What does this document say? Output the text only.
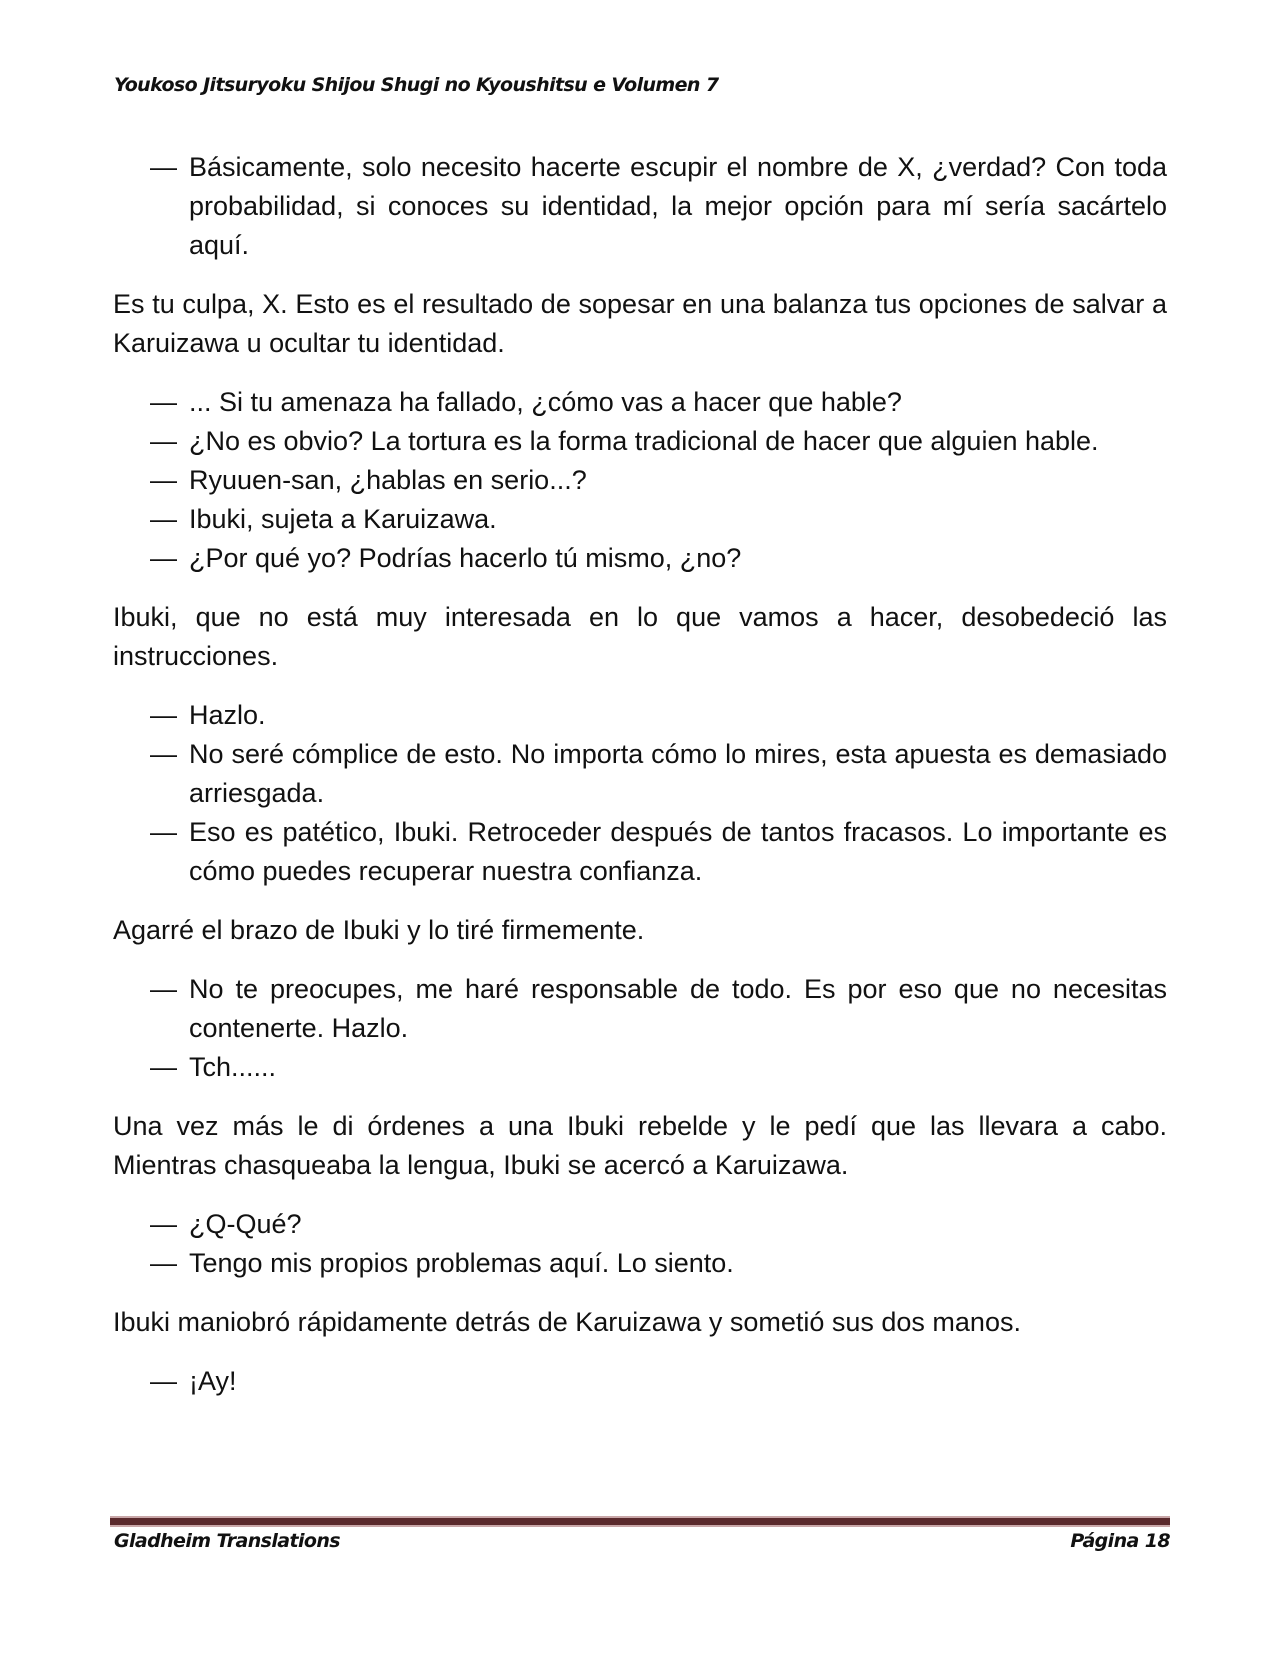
Youkoso Jitsuryoku Shijou Shugi no Kyoushitsu e Volumen 7
— Básicamente, solo necesito hacerte escupir el nombre de X, ¿verdad? Con toda probabilidad, si conoces su identidad, la mejor opción para mí sería sacártelo aquí.

Es tu culpa, X. Esto es el resultado de sopesar en una balanza tus opciones de salvar a Karuizawa u ocultar tu identidad.

— ... Si tu amenaza ha fallado, ¿cómo vas a hacer que hable?
— ¿No es obvio? La tortura es la forma tradicional de hacer que alguien hable.
— Ryuuen-san, ¿hablas en serio...?
— Ibuki, sujeta a Karuizawa.
— ¿Por qué yo? Podrías hacerlo tú mismo, ¿no?

Ibuki, que no está muy interesada en lo que vamos a hacer, desobedeció las instrucciones.

— Hazlo.
— No seré cómplice de esto. No importa cómo lo mires, esta apuesta es demasiado arriesgada.
— Eso es patético, Ibuki. Retroceder después de tantos fracasos. Lo importante es cómo puedes recuperar nuestra confianza.

Agarré el brazo de Ibuki y lo tiré firmemente.

— No te preocupes, me haré responsable de todo. Es por eso que no necesitas contenerte. Hazlo.
— Tch......

Una vez más le di órdenes a una Ibuki rebelde y le pedí que las llevara a cabo. Mientras chasqueaba la lengua, Ibuki se acercó a Karuizawa.

— ¿Q-Qué?
— Tengo mis propios problemas aquí. Lo siento.

Ibuki maniobró rápidamente detrás de Karuizawa y sometió sus dos manos.

— ¡Ay!
Gladheim Translations	Página 18
